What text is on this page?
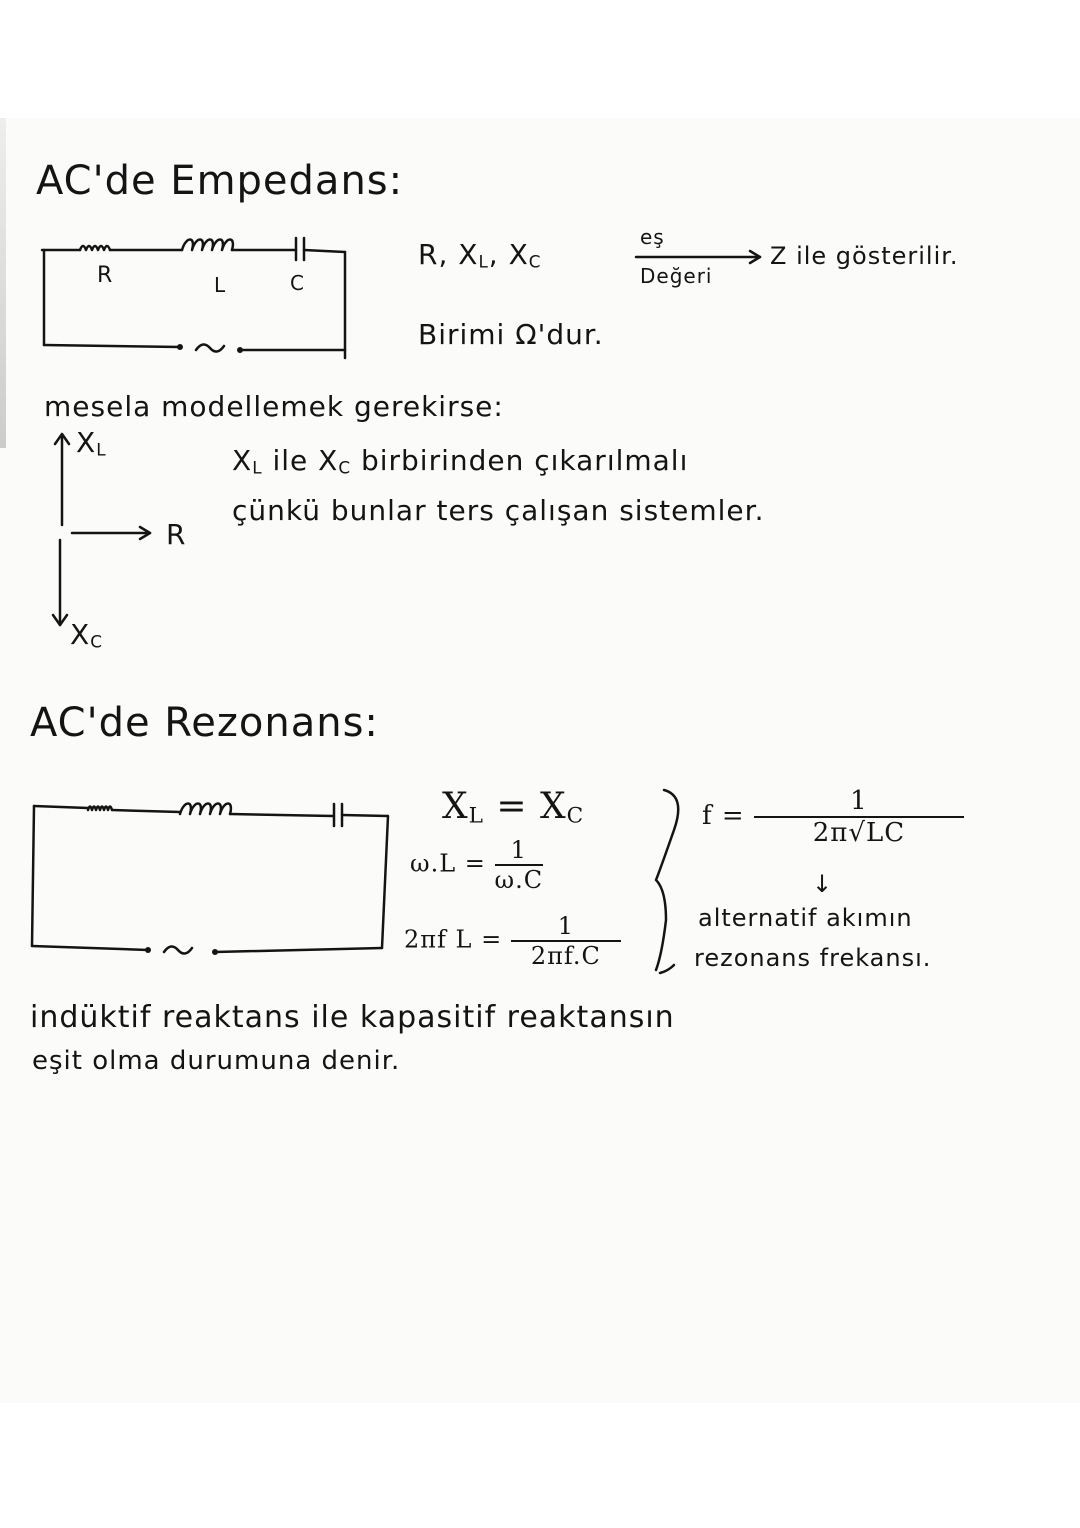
AC'de Empedans:
R	L	C
R, XL, XC
eş
Değeri
Z ile gösterilir.
Birimi Ω'dur.
mesela modellemek gerekirse:
XL
R
XC
XL ile XC birbirinden çıkarılmalı
çünkü bunlar ters çalışan sistemler.
AC'de Rezonans:
$X_L = X_C$
$\omega.L = \frac{1}{\omega.C}$
2πf $L = \frac{1}{2\pi f.C}$
$f = \frac{1}{2\pi√LC}$
↓
alternatif akımın
rezonans frekansı.
indüktif reaktans ile kapasitif reaktansın
eşit olma durumuna denir.
